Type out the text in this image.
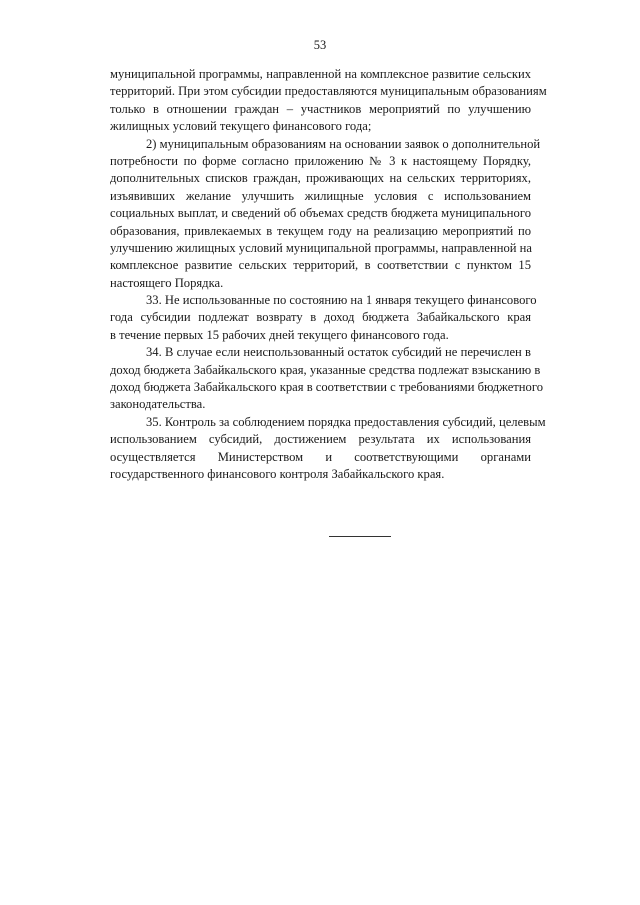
53
муниципальной программы, направленной на комплексное развитие сельских
территорий. При этом субсидии предоставляются муниципальным образованиям
только в отношении граждан – участников мероприятий по улучшению
жилищных условий текущего финансового года;
2) муниципальным образованиям на основании заявок о дополнительной
потребности по форме согласно приложению № 3 к настоящему Порядку,
дополнительных списков граждан, проживающих на сельских территориях,
изъявивших желание улучшить жилищные условия с использованием
социальных выплат, и сведений об объемах средств бюджета муниципального
образования, привлекаемых в текущем году на реализацию мероприятий по
улучшению жилищных условий муниципальной программы, направленной на
комплексное развитие сельских территорий, в соответствии с пунктом 15
настоящего Порядка.
33. Не использованные по состоянию на 1 января текущего финансового
года субсидии подлежат возврату в доход бюджета Забайкальского края
в течение первых 15 рабочих дней текущего финансового года.
34. В случае если неиспользованный остаток субсидий не перечислен в
доход бюджета Забайкальского края, указанные средства подлежат взысканию в
доход бюджета Забайкальского края в соответствии с требованиями бюджетного
законодательства.
35. Контроль за соблюдением порядка предоставления субсидий, целевым
использованием субсидий, достижением результата их использования
осуществляется Министерством и соответствующими органами
государственного финансового контроля Забайкальского края.
